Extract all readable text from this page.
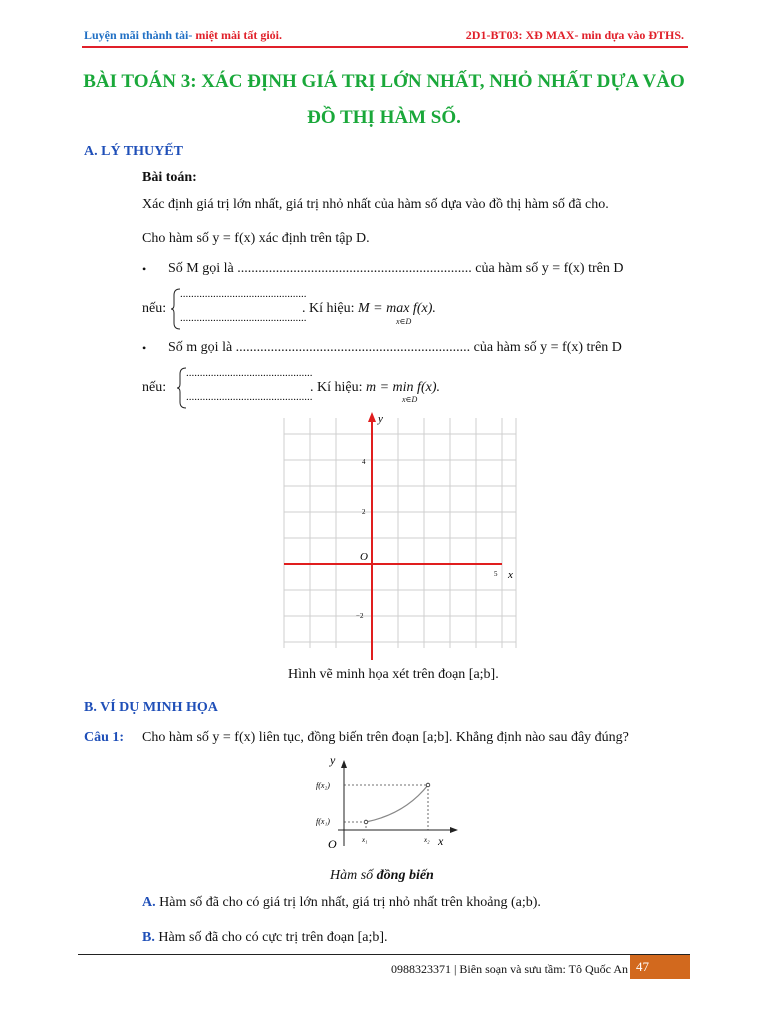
Luyện mãi thành tài- miệt mài tất giỏi.	2D1-BT03: XĐ MAX- min dựa vào ĐTHS.
BÀI TOÁN 3: XÁC ĐỊNH GIÁ TRỊ LỚN NHẤT, NHỎ NHẤT DỰA VÀO
ĐỒ THỊ HÀM SỐ.
A. LÝ THUYẾT
Bài toán:
Xác định giá trị lớn nhất, giá trị nhỏ nhất của hàm số dựa vào đồ thị hàm số đã cho.
Cho hàm số y = f(x) xác định trên tập D.
• Số M gọi là ................................................................... của hàm số y = f(x) trên D
nếu:
..............................................
..............................................
. Kí hiệu: M = max f(x).
x∈D
• Số m gọi là ................................................................... của hàm số y = f(x) trên D
nếu:
..............................................
..............................................
. Kí hiệu: m = min f(x).
x∈D
y
x
O
4
2
−2
5
Hình vẽ minh họa xét trên đoạn [a;b].
B. VÍ DỤ MINH HỌA
Câu 1: Cho hàm số y = f(x) liên tục, đồng biến trên đoạn [a;b]. Khẳng định nào sau đây đúng?
y
x
O
f(x₂)
f(x₁)
x₁	x₂
Hàm số đồng biến
A. Hàm số đã cho có giá trị lớn nhất, giá trị nhỏ nhất trên khoảng (a;b).
B. Hàm số đã cho có cực trị trên đoạn [a;b].
0988323371 | Biên soạn và sưu tầm: Tô Quốc An 47
